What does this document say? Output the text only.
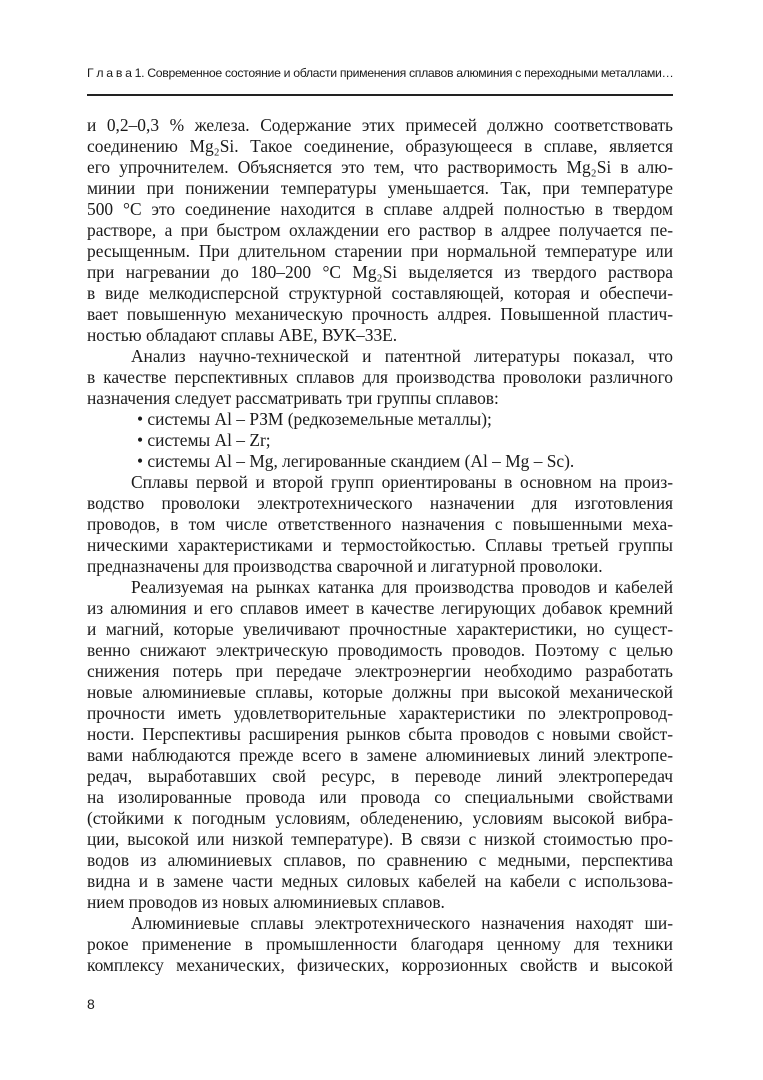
Г л а в а 1. Современное состояние и области применения сплавов алюминия с переходными металлами…
и 0,2–0,3 % железа. Содержание этих примесей должно соответствовать
соединению Mg₂Si. Такое соединение, образующееся в сплаве, является
его упрочнителем. Объясняется это тем, что растворимость Mg₂Si в алю-
минии при понижении температуры уменьшается. Так, при температуре
500 °С это соединение находится в сплаве алдрей полностью в твердом
растворе, а при быстром охлаждении его раствор в алдрее получается пе-
ресыщенным. При длительном старении при нормальной температуре или
при нагревании до 180–200 °С Mg₂Si выделяется из твердого раствора
в виде мелкодисперсной структурной составляющей, которая и обеспечи-
вает повышенную механическую прочность алдрея. Повышенной пластич-
ностью обладают сплавы АВЕ, ВУК–33Е.
Анализ научно-технической и патентной литературы показал, что
в качестве перспективных сплавов для производства проволоки различного
назначения следует рассматривать три группы сплавов:
• системы Al – РЗМ (редкоземельные металлы);
• системы Al – Zr;
• системы Al – Mg, легированные скандием (Al – Mg – Sc).
Сплавы первой и второй групп ориентированы в основном на произ-
водство проволоки электротехнического назначении для изготовления
проводов, в том числе ответственного назначения с повышенными меха-
ническими характеристиками и термостойкостью. Сплавы третьей группы
предназначены для производства сварочной и лигатурной проволоки.
Реализуемая на рынках катанка для производства проводов и кабелей
из алюминия и его сплавов имеет в качестве легирующих добавок кремний
и магний, которые увеличивают прочностные характеристики, но сущест-
венно снижают электрическую проводимость проводов. Поэтому с целью
снижения потерь при передаче электроэнергии необходимо разработать
новые алюминиевые сплавы, которые должны при высокой механической
прочности иметь удовлетворительные характеристики по электропровод-
ности. Перспективы расширения рынков сбыта проводов с новыми свойст-
вами наблюдаются прежде всего в замене алюминиевых линий электропе-
редач, выработавших свой ресурс, в переводе линий электропередач
на изолированные провода или провода со специальными свойствами
(стойкими к погодным условиям, обледенению, условиям высокой вибра-
ции, высокой или низкой температуре). В связи с низкой стоимостью про-
водов из алюминиевых сплавов, по сравнению с медными, перспектива
видна и в замене части медных силовых кабелей на кабели с использова-
нием проводов из новых алюминиевых сплавов.
Алюминиевые сплавы электротехнического назначения находят ши-
рокое применение в промышленности благодаря ценному для техники
комплексу механических, физических, коррозионных свойств и высокой
8
